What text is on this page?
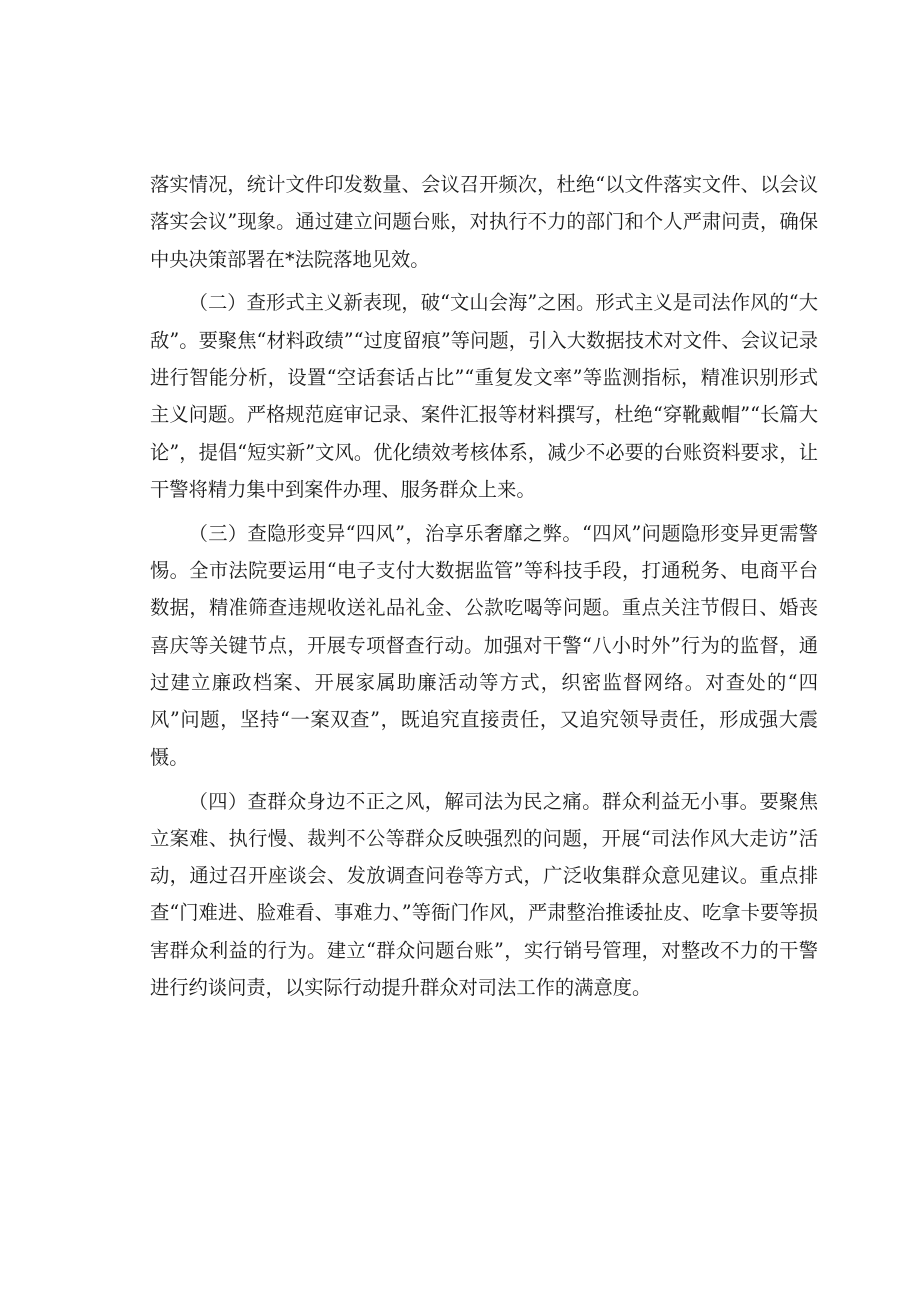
落实情况，统计文件印发数量、会议召开频次，杜绝“以文件落实文件、以会议落实会议”现象。通过建立问题台账，对执行不力的部门和个人严肃问责，确保中央决策部署在*法院落地见效。

（二）查形式主义新表现，破“文山会海”之困。形式主义是司法作风的“大敌”。要聚焦“材料政绩”“过度留痕”等问题，引入大数据技术对文件、会议记录进行智能分析，设置“空话套话占比”“重复发文率”等监测指标，精准识别形式主义问题。严格规范庭审记录、案件汇报等材料撰写，杜绝“穿靴戴帽”“长篇大论”，提倡“短实新”文风。优化绩效考核体系，减少不必要的台账资料要求，让干警将精力集中到案件办理、服务群众上来。

（三）查隐形变异“四风”，治享乐奢靡之弊。“四风”问题隐形变异更需警惕。全市法院要运用“电子支付大数据监管”等科技手段，打通税务、电商平台数据，精准筛查违规收送礼品礼金、公款吃喝等问题。重点关注节假日、婚丧喜庆等关键节点，开展专项督查行动。加强对干警“八小时外”行为的监督，通过建立廉政档案、开展家属助廉活动等方式，织密监督网络。对查处的“四风”问题，坚持“一案双查”，既追究直接责任，又追究领导责任，形成强大震慑。

（四）查群众身边不正之风，解司法为民之痛。群众利益无小事。要聚焦立案难、执行慢、裁判不公等群众反映强烈的问题，开展“司法作风大走访”活动，通过召开座谈会、发放调查问卷等方式，广泛收集群众意见建议。重点排查“门难进、脸难看、事难力、”等衙门作风，严肃整治推诿扯皮、吃拿卡要等损害群众利益的行为。建立“群众问题台账”，实行销号管理，对整改不力的干警进行约谈问责，以实际行动提升群众对司法工作的满意度。
